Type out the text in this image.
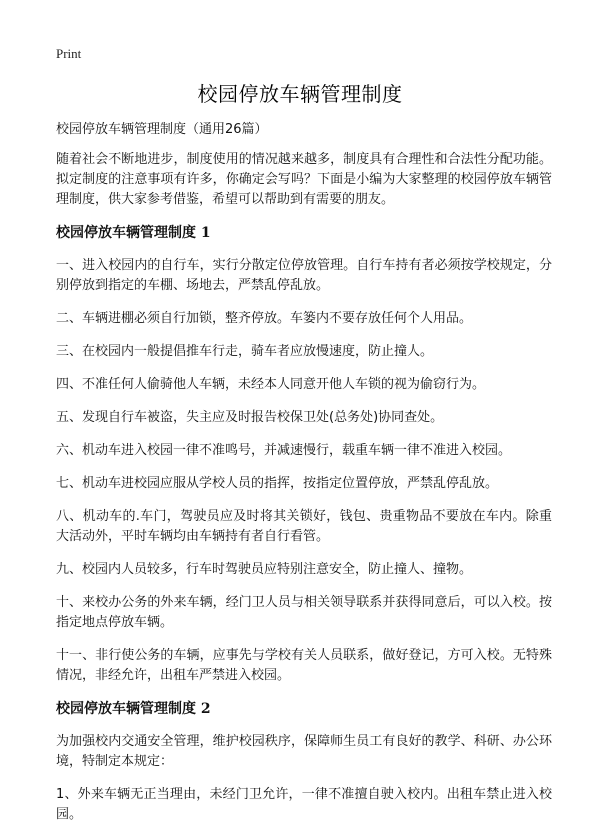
Print
校园停放车辆管理制度

校园停放车辆管理制度（通用26篇）

随着社会不断地进步，制度使用的情况越来越多，制度具有合理性和合法性分配功能。拟定制度的注意事项有许多，你确定会写吗？下面是小编为大家整理的校园停放车辆管理制度，供大家参考借鉴，希望可以帮助到有需要的朋友。

校园停放车辆管理制度 1

一、进入校园内的自行车，实行分散定位停放管理。自行车持有者必须按学校规定，分别停放到指定的车棚、场地去，严禁乱停乱放。

二、车辆进棚必须自行加锁，整齐停放。车篓内不要存放任何个人用品。

三、在校园内一般提倡推车行走，骑车者应放慢速度，防止撞人。

四、不准任何人偷骑他人车辆，未经本人同意开他人车锁的视为偷窃行为。

五、发现自行车被盗，失主应及时报告校保卫处(总务处)协同查处。

六、机动车进入校园一律不准鸣号，并减速慢行，载重车辆一律不准进入校园。

七、机动车进校园应服从学校人员的指挥，按指定位置停放，严禁乱停乱放。

八、机动车的.车门，驾驶员应及时将其关锁好，钱包、贵重物品不要放在车内。除重大活动外，平时车辆均由车辆持有者自行看管。

九、校园内人员较多，行车时驾驶员应特别注意安全，防止撞人、撞物。

十、来校办公务的外来车辆，经门卫人员与相关领导联系并获得同意后，可以入校。按指定地点停放车辆。

十一、非行使公务的车辆，应事先与学校有关人员联系，做好登记，方可入校。无特殊情况，非经允许，出租车严禁进入校园。

校园停放车辆管理制度 2

为加强校内交通安全管理，维护校园秩序，保障师生员工有良好的教学、科研、办公环境，特制定本规定：

1、外来车辆无正当理由，未经门卫允许，一律不准擅自驶入校内。出租车禁止进入校园。
